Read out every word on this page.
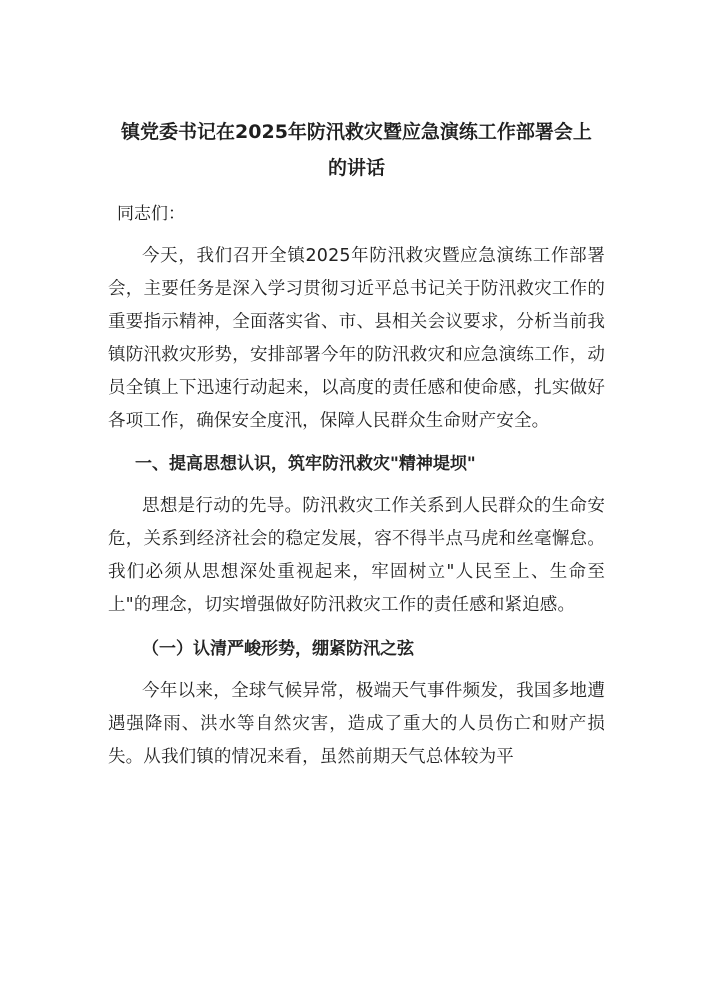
镇党委书记在2025年防汛救灾暨应急演练工作部署会上
的讲话

同志们：

今天，我们召开全镇2025年防汛救灾暨应急演练工作部署会，主要任务是深入学习贯彻习近平总书记关于防汛救灾工作的重要指示精神，全面落实省、市、县相关会议要求，分析当前我镇防汛救灾形势，安排部署今年的防汛救灾和应急演练工作，动员全镇上下迅速行动起来，以高度的责任感和使命感，扎实做好各项工作，确保安全度汛，保障人民群众生命财产安全。

一、提高思想认识，筑牢防汛救灾"精神堤坝"

思想是行动的先导。防汛救灾工作关系到人民群众的生命安危，关系到经济社会的稳定发展，容不得半点马虎和丝毫懈怠。我们必须从思想深处重视起来，牢固树立"人民至上、生命至上"的理念，切实增强做好防汛救灾工作的责任感和紧迫感。

（一）认清严峻形势，绷紧防汛之弦

今年以来，全球气候异常，极端天气事件频发，我国多地遭遇强降雨、洪水等自然灾害，造成了重大的人员伤亡和财产损失。从我们镇的情况来看，虽然前期天气总体较为平
